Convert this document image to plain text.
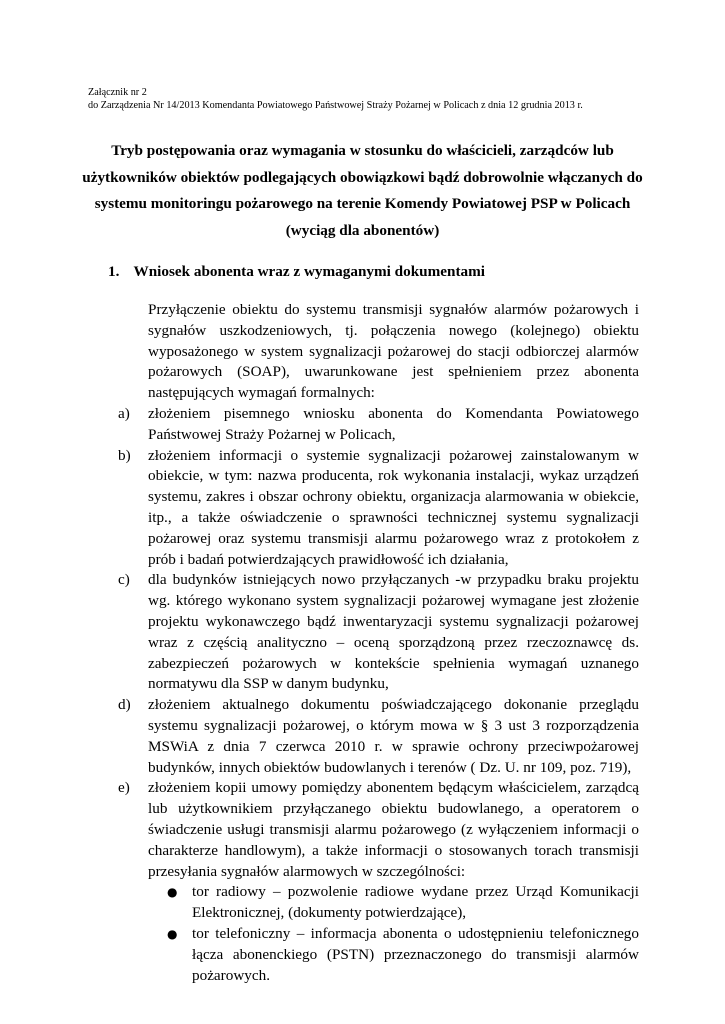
Załącznik nr 2
do Zarządzenia Nr 14/2013 Komendanta Powiatowego Państwowej Straży Pożarnej w Policach z dnia 12 grudnia 2013 r.
Tryb postępowania oraz wymagania w stosunku do właścicieli, zarządców lub
użytkowników obiektów podlegających obowiązkowi bądź dobrowolnie włączanych do
systemu monitoringu pożarowego na terenie Komendy Powiatowej PSP w Policach
(wyciąg dla abonentów)
1. Wniosek abonenta wraz z wymaganymi dokumentami

Przyłączenie obiektu do systemu transmisji sygnałów alarmów pożarowych i sygnałów uszkodzeniowych, tj. połączenia nowego (kolejnego) obiektu wyposażonego w system sygnalizacji pożarowej do stacji odbiorczej alarmów pożarowych (SOAP), uwarunkowane jest spełnieniem przez abonenta następujących wymagań formalnych:

a) złożeniem pisemnego wniosku abonenta do Komendanta Powiatowego Państwowej Straży Pożarnej w Policach,
b) złożeniem informacji o systemie sygnalizacji pożarowej zainstalowanym w obiekcie, w tym: nazwa producenta, rok wykonania instalacji, wykaz urządzeń systemu, zakres i obszar ochrony obiektu, organizacja alarmowania w obiekcie, itp., a także oświadczenie o sprawności technicznej systemu sygnalizacji pożarowej oraz systemu transmisji alarmu pożarowego wraz z protokołem z prób i badań potwierdzających prawidłowość ich działania,
c) dla budynków istniejących nowo przyłączanych -w przypadku braku projektu wg. którego wykonano system sygnalizacji pożarowej wymagane jest złożenie projektu wykonawczego bądź inwentaryzacji systemu sygnalizacji pożarowej wraz z częścią analityczno – oceną sporządzoną przez rzeczoznawcę ds. zabezpieczeń pożarowych w kontekście spełnienia wymagań uznanego normatywu dla SSP w danym budynku,
d) złożeniem aktualnego dokumentu poświadczającego dokonanie przeglądu systemu sygnalizacji pożarowej, o którym mowa w § 3 ust 3 rozporządzenia MSWiA z dnia 7 czerwca 2010 r. w sprawie ochrony przeciwpożarowej budynków, innych obiektów budowlanych i terenów ( Dz. U. nr 109, poz. 719),
e) złożeniem kopii umowy pomiędzy abonentem będącym właścicielem, zarządcą lub użytkownikiem przyłączanego obiektu budowlanego, a operatorem o świadczenie usługi transmisji alarmu pożarowego (z wyłączeniem informacji o charakterze handlowym), a także informacji o stosowanych torach transmisji przesyłania sygnałów alarmowych w szczególności:
● tor radiowy – pozwolenie radiowe wydane przez Urząd Komunikacji Elektronicznej, (dokumenty potwierdzające),
● tor telefoniczny – informacja abonenta o udostępnieniu telefonicznego łącza abonenckiego (PSTN) przeznaczonego do transmisji alarmów pożarowych.
